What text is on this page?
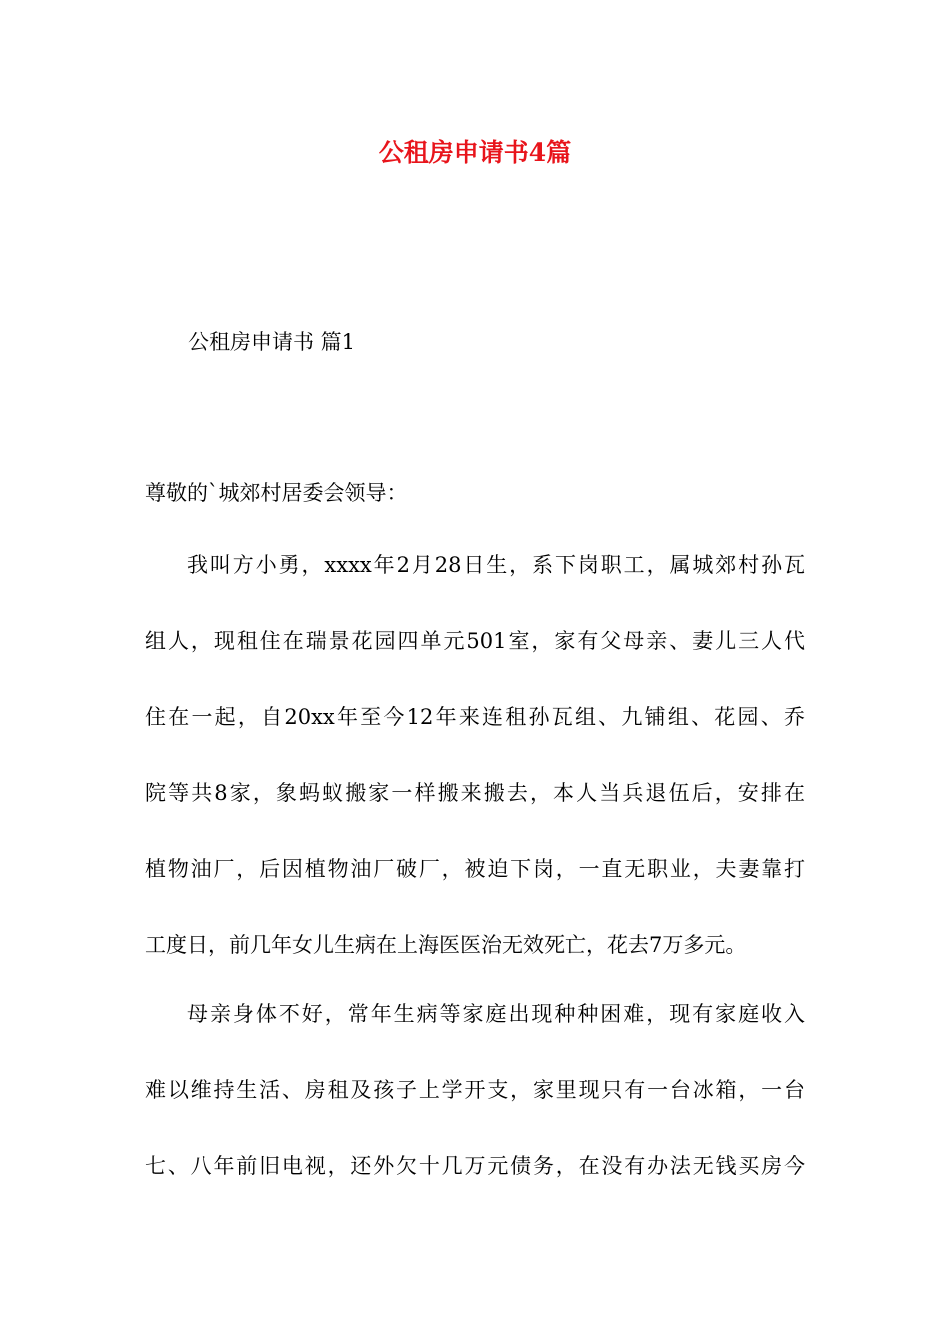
公租房申请书4篇

公租房申请书 篇1

尊敬的`城郊村居委会领导：

我叫方小勇，xxxx年2月28日生，系下岗职工，属城郊村孙瓦
组人，现租住在瑞景花园四单元501室，家有父母亲、妻儿三人代
住在一起，自20xx年至今12年来连租孙瓦组、九铺组、花园、乔
院等共8家，象蚂蚁搬家一样搬来搬去，本人当兵退伍后，安排在
植物油厂，后因植物油厂破厂，被迫下岗，一直无职业，夫妻靠打
工度日，前几年女儿生病在上海医医治无效死亡，花去7万多元。
母亲身体不好，常年生病等家庭出现种种困难，现有家庭收入
难以维持生活、房租及孩子上学开支，家里现只有一台冰箱，一台
七、八年前旧电视，还外欠十几万元债务，在没有办法无钱买房今
